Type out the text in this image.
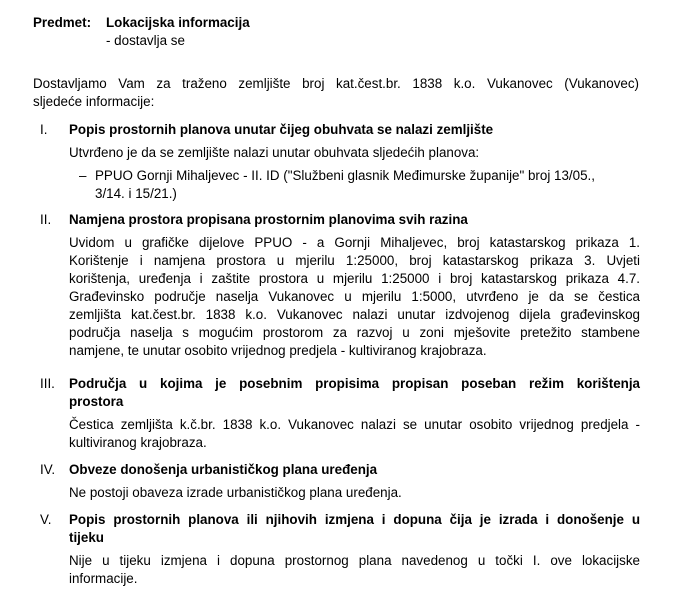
Predmet:	Lokacijska informacija
- dostavlja se
Dostavljamo Vam za traženo zemljište broj kat.čest.br. 1838 k.o. Vukanovec (Vukanovec)
sljedeće informacije:
I. Popis prostornih planova unutar čijeg obuhvata se nalazi zemljište
Utvrđeno je da se zemljište nalazi unutar obuhvata sljedećih planova:
– PPUO Gornji Mihaljevec - II. ID ("Službeni glasnik Međimurske županije" broj 13/05.,
3/14. i 15/21.)
II. Namjena prostora propisana prostornim planovima svih razina
Uvidom u grafičke dijelove PPUO - a Gornji Mihaljevec, broj katastarskog prikaza 1.
Korištenje i namjena prostora u mjerilu 1:25000, broj katastarskog prikaza 3. Uvjeti
korištenja, uređenja i zaštite prostora u mjerilu 1:25000 i broj katastarskog prikaza 4.7.
Građevinsko područje naselja Vukanovec u mjerilu 1:5000, utvrđeno je da se čestica
zemljišta kat.čest.br. 1838 k.o. Vukanovec nalazi unutar izdvojenog dijela građevinskog
područja naselja s mogućim prostorom za razvoj u zoni mješovite pretežito stambene
namjene, te unutar osobito vrijednog predjela - kultiviranog krajobraza.
III. Područja u kojima je posebnim propisima propisan poseban režim korištenja
prostora
Čestica zemljišta k.č.br. 1838 k.o. Vukanovec nalazi se unutar osobito vrijednog predjela -
kultiviranog krajobraza.
IV. Obveze donošenja urbanističkog plana uređenja
Ne postoji obaveza izrade urbanističkog plana uređenja.
V. Popis prostornih planova ili njihovih izmjena i dopuna čija je izrada i donošenje u
tijeku
Nije u tijeku izmjena i dopuna prostornog plana navedenog u točki I. ove lokacijske
informacije.
